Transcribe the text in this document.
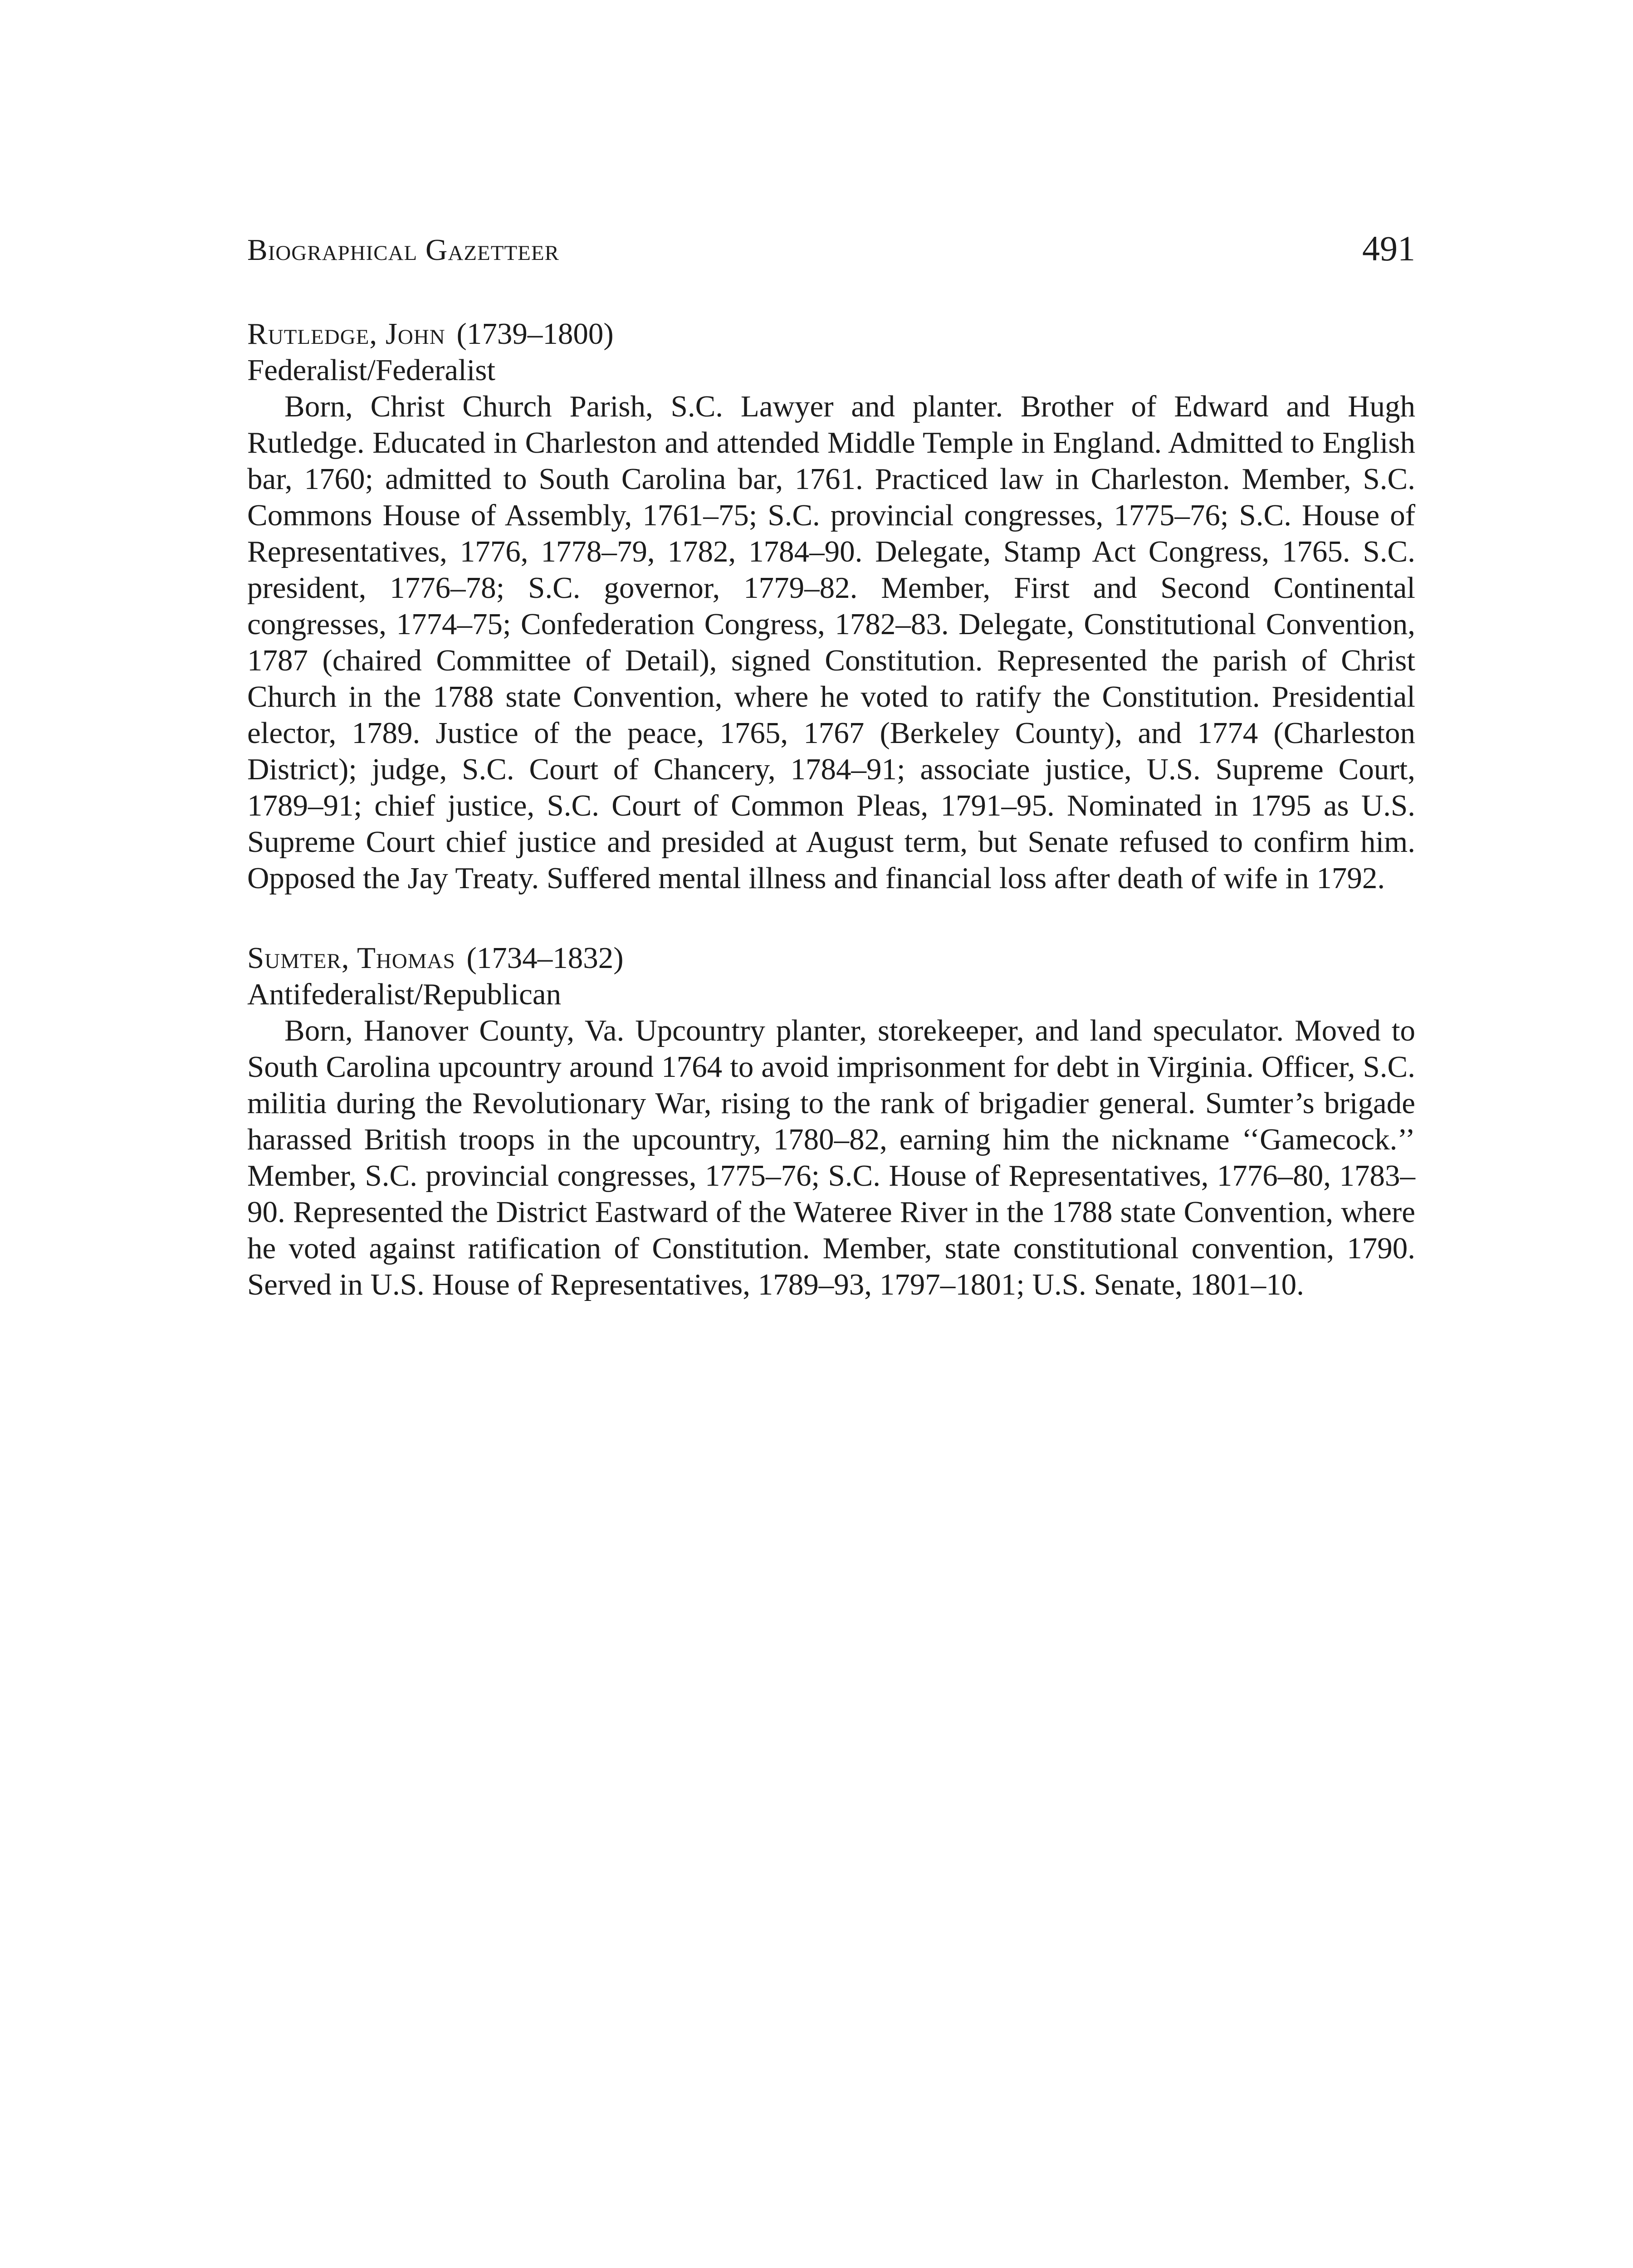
Biographical Gazetteer	491

Rutledge, John (1739–1800)

Federalist/Federalist

Born, Christ Church Parish, S.C. Lawyer and planter. Brother of Edward and Hugh Rutledge. Educated in Charleston and attended Middle Temple in England. Admitted to English bar, 1760; admitted to South Carolina bar, 1761. Practiced law in Charleston. Member, S.C. Commons House of Assembly, 1761–75; S.C. provincial congresses, 1775–76; S.C. House of Representatives, 1776, 1778–79, 1782, 1784–90. Delegate, Stamp Act Congress, 1765. S.C. president, 1776–78; S.C. governor, 1779–82. Member, First and Second Continental congresses, 1774–75; Confederation Congress, 1782–83. Delegate, Constitutional Convention, 1787 (chaired Committee of Detail), signed Constitution. Represented the parish of Christ Church in the 1788 state Convention, where he voted to ratify the Constitution. Presidential elector, 1789. Justice of the peace, 1765, 1767 (Berkeley County), and 1774 (Charleston District); judge, S.C. Court of Chancery, 1784–91; associate justice, U.S. Supreme Court, 1789–91; chief justice, S.C. Court of Common Pleas, 1791–95. Nominated in 1795 as U.S. Supreme Court chief justice and presided at August term, but Senate refused to confirm him. Opposed the Jay Treaty. Suffered mental illness and financial loss after death of wife in 1792.

Sumter, Thomas (1734–1832)

Antifederalist/Republican

Born, Hanover County, Va. Upcountry planter, storekeeper, and land speculator. Moved to South Carolina upcountry around 1764 to avoid imprisonment for debt in Virginia. Officer, S.C. militia during the Revolutionary War, rising to the rank of brigadier general. Sumter’s brigade harassed British troops in the upcountry, 1780–82, earning him the nickname ‘‘Gamecock.’’ Member, S.C. provincial congresses, 1775–76; S.C. House of Representatives, 1776–80, 1783–90. Represented the District Eastward of the Wateree River in the 1788 state Convention, where he voted against ratification of Constitution. Member, state constitutional convention, 1790. Served in U.S. House of Representatives, 1789–93, 1797–1801; U.S. Senate, 1801–10.
